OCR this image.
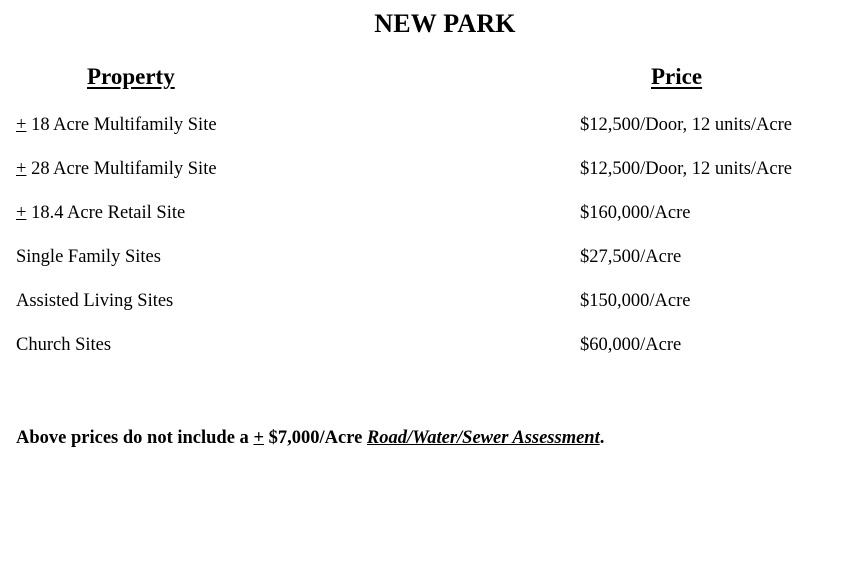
NEW PARK
Property	Price
+ 18 Acre Multifamily Site	$12,500/Door, 12 units/Acre
+ 28 Acre Multifamily Site	$12,500/Door, 12 units/Acre
+ 18.4 Acre Retail Site	$160,000/Acre
Single Family Sites	$27,500/Acre
Assisted Living Sites	$150,000/Acre
Church Sites	$60,000/Acre
Above prices do not include a + $7,000/Acre Road/Water/Sewer Assessment.
